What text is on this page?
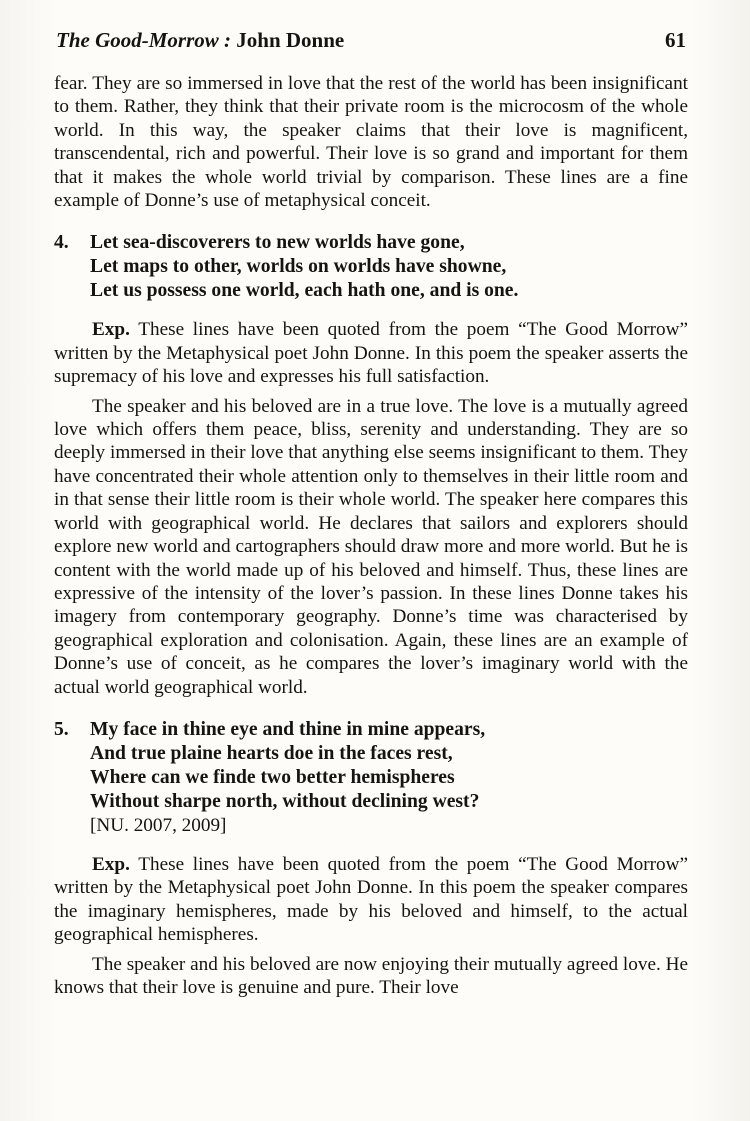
The Good-Morrow : John Donne	61

fear. They are so immersed in love that the rest of the world has been insignificant to them. Rather, they think that their private room is the microcosm of the whole world. In this way, the speaker claims that their love is magnificent, transcendental, rich and powerful. Their love is so grand and important for them that it makes the whole world trivial by comparison. These lines are a fine example of Donne’s use of metaphysical conceit.

4.	Let sea-discoverers to new worlds have gone,
Let maps to other, worlds on worlds have showne,
Let us possess one world, each hath one, and is one.

Exp. These lines have been quoted from the poem “The Good Morrow” written by the Metaphysical poet John Donne. In this poem the speaker asserts the supremacy of his love and expresses his full satisfaction.

The speaker and his beloved are in a true love. The love is a mutually agreed love which offers them peace, bliss, serenity and understanding. They are so deeply immersed in their love that anything else seems insignificant to them. They have concentrated their whole attention only to themselves in their little room and in that sense their little room is their whole world. The speaker here compares this world with geographical world. He declares that sailors and explorers should explore new world and cartographers should draw more and more world. But he is content with the world made up of his beloved and himself. Thus, these lines are expressive of the intensity of the lover’s passion. In these lines Donne takes his imagery from contemporary geography. Donne’s time was characterised by geographical exploration and colonisation. Again, these lines are an example of Donne’s use of conceit, as he compares the lover’s imaginary world with the actual world geographical world.

5.	My face in thine eye and thine in mine appears,
And true plaine hearts doe in the faces rest,
Where can we finde two better hemispheres
Without sharpe north, without declining west?
[NU. 2007, 2009]

Exp. These lines have been quoted from the poem “The Good Morrow” written by the Metaphysical poet John Donne. In this poem the speaker compares the imaginary hemispheres, made by his beloved and himself, to the actual geographical hemispheres.

The speaker and his beloved are now enjoying their mutually agreed love. He knows that their love is genuine and pure. Their love
